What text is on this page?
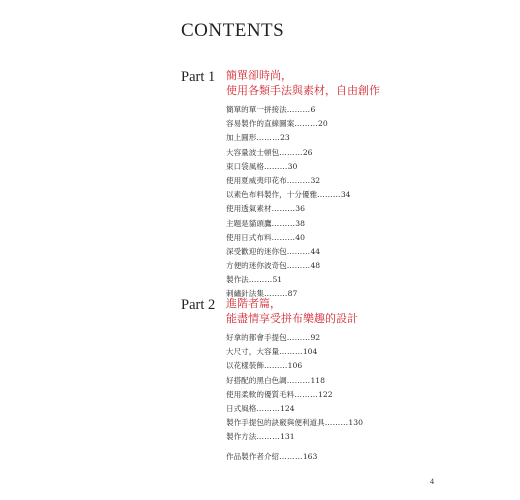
CONTENTS
Part 1 簡單卻時尚，
使用各類手法與素材，自由創作
簡單的單一拼接法………6
容易製作的直線圖案………20
加上圓形………23
大容量波士頓包………26
束口袋風格………30
使用夏威夷印花布………32
以素色布料製作，十分優雅………34
使用透氣素材………36
主題是貓頭鷹………38
使用日式布料………40
深受歡迎的迷你包………44
方便的迷你波奇包………48
製作法………51
刺繡針法集………87
Part 2 進階者篇，
能盡情享受拼布樂趣的設計
好拿的都會手提包………92
大尺寸，大容量………104
以花樣裝飾………106
好搭配的黑白色調………118
使用柔軟的優質毛料………122
日式風格………124
製作手提包的訣竅與便利道具………130
製作方法………131
作品製作者介紹………163
4
